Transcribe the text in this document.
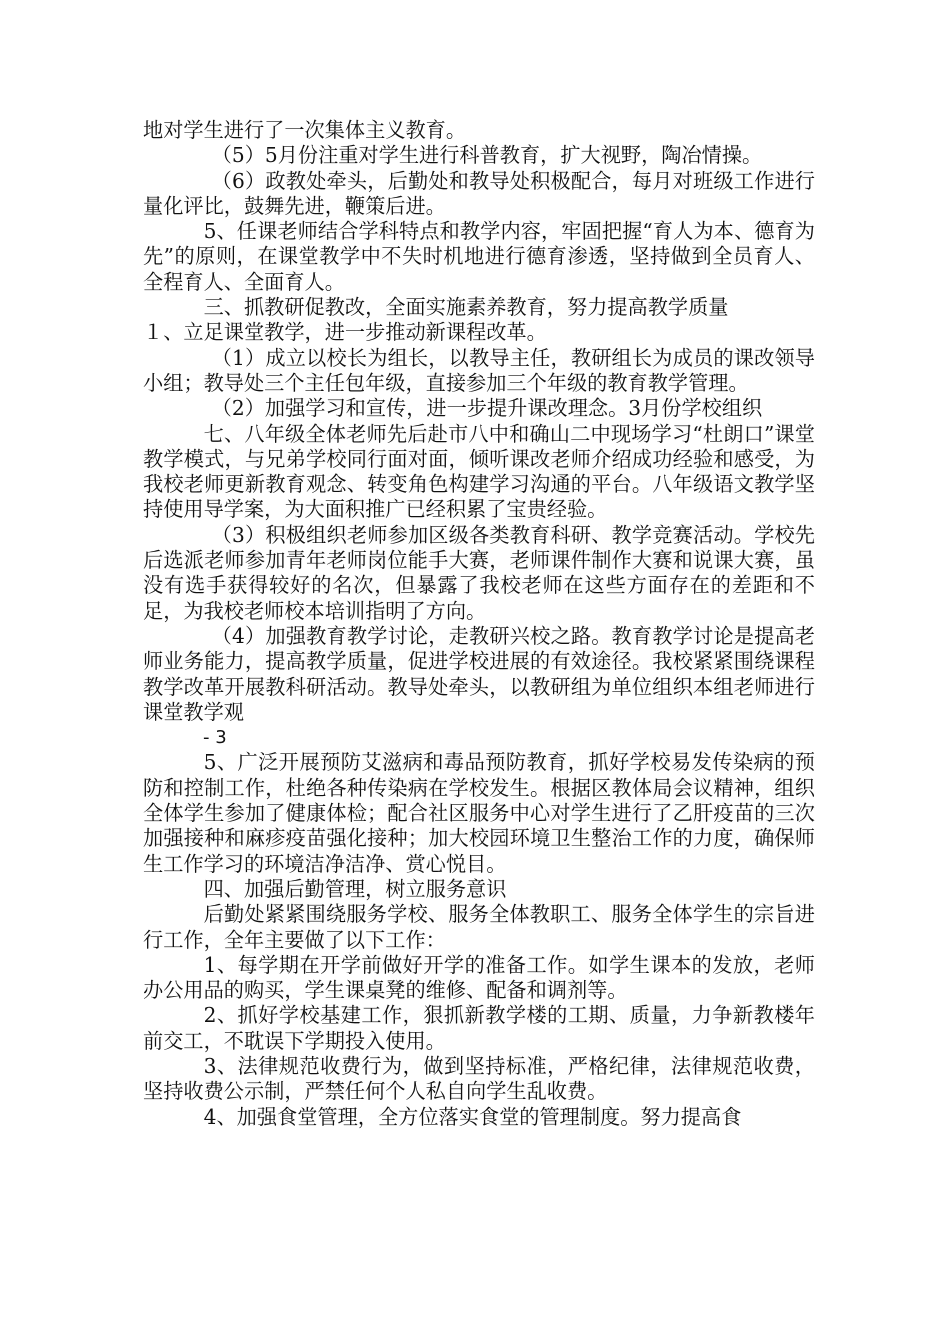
地对学生进行了一次集体主义教育。

（5）5月份注重对学生进行科普教育，扩大视野，陶冶情操。

（6）政教处牵头，后勤处和教导处积极配合，每月对班级工作进行量化评比，鼓舞先进，鞭策后进。

5、任课老师结合学科特点和教学内容，牢固把握“育人为本、德育为先”的原则，在课堂教学中不失时机地进行德育渗透，坚持做到全员育人、全程育人、全面育人。

三、抓教研促教改，全面实施素养教育，努力提高教学质量

１、立足课堂教学，进一步推动新课程改革。

（1）成立以校长为组长，以教导主任，教研组长为成员的课改领导小组；教导处三个主任包年级，直接参加三个年级的教育教学管理。

（2）加强学习和宣传，进一步提升课改理念。3月份学校组织

七、八年级全体老师先后赴市八中和确山二中现场学习“杜朗口”课堂教学模式，与兄弟学校同行面对面，倾听课改老师介绍成功经验和感受，为我校老师更新教育观念、转变角色构建学习沟通的平台。八年级语文教学坚持使用导学案，为大面积推广已经积累了宝贵经验。

（3）积极组织老师参加区级各类教育科研、教学竞赛活动。学校先后选派老师参加青年老师岗位能手大赛，老师课件制作大赛和说课大赛，虽没有选手获得较好的名次，但暴露了我校老师在这些方面存在的差距和不足，为我校老师校本培训指明了方向。

（4）加强教育教学讨论，走教研兴校之路。教育教学讨论是提高老师业务能力，提高教学质量，促进学校进展的有效途径。我校紧紧围绕课程教学改革开展教科研活动。教导处牵头，以教研组为单位组织本组老师进行课堂教学观

- 3

5、广泛开展预防艾滋病和毒品预防教育，抓好学校易发传染病的预防和控制工作，杜绝各种传染病在学校发生。根据区教体局会议精神，组织全体学生参加了健康体检；配合社区服务中心对学生进行了乙肝疫苗的三次加强接种和麻疹疫苗强化接种；加大校园环境卫生整治工作的力度，确保师生工作学习的环境洁净洁净、赏心悦目。

四、加强后勤管理，树立服务意识

后勤处紧紧围绕服务学校、服务全体教职工、服务全体学生的宗旨进行工作，全年主要做了以下工作：

1、每学期在开学前做好开学的准备工作。如学生课本的发放，老师办公用品的购买，学生课桌凳的维修、配备和调剂等。

2、抓好学校基建工作，狠抓新教学楼的工期、质量，力争新教楼年前交工，不耽误下学期投入使用。

3、法律规范收费行为，做到坚持标准，严格纪律，法律规范收费，坚持收费公示制，严禁任何个人私自向学生乱收费。

4、加强食堂管理，全方位落实食堂的管理制度。努力提高食
